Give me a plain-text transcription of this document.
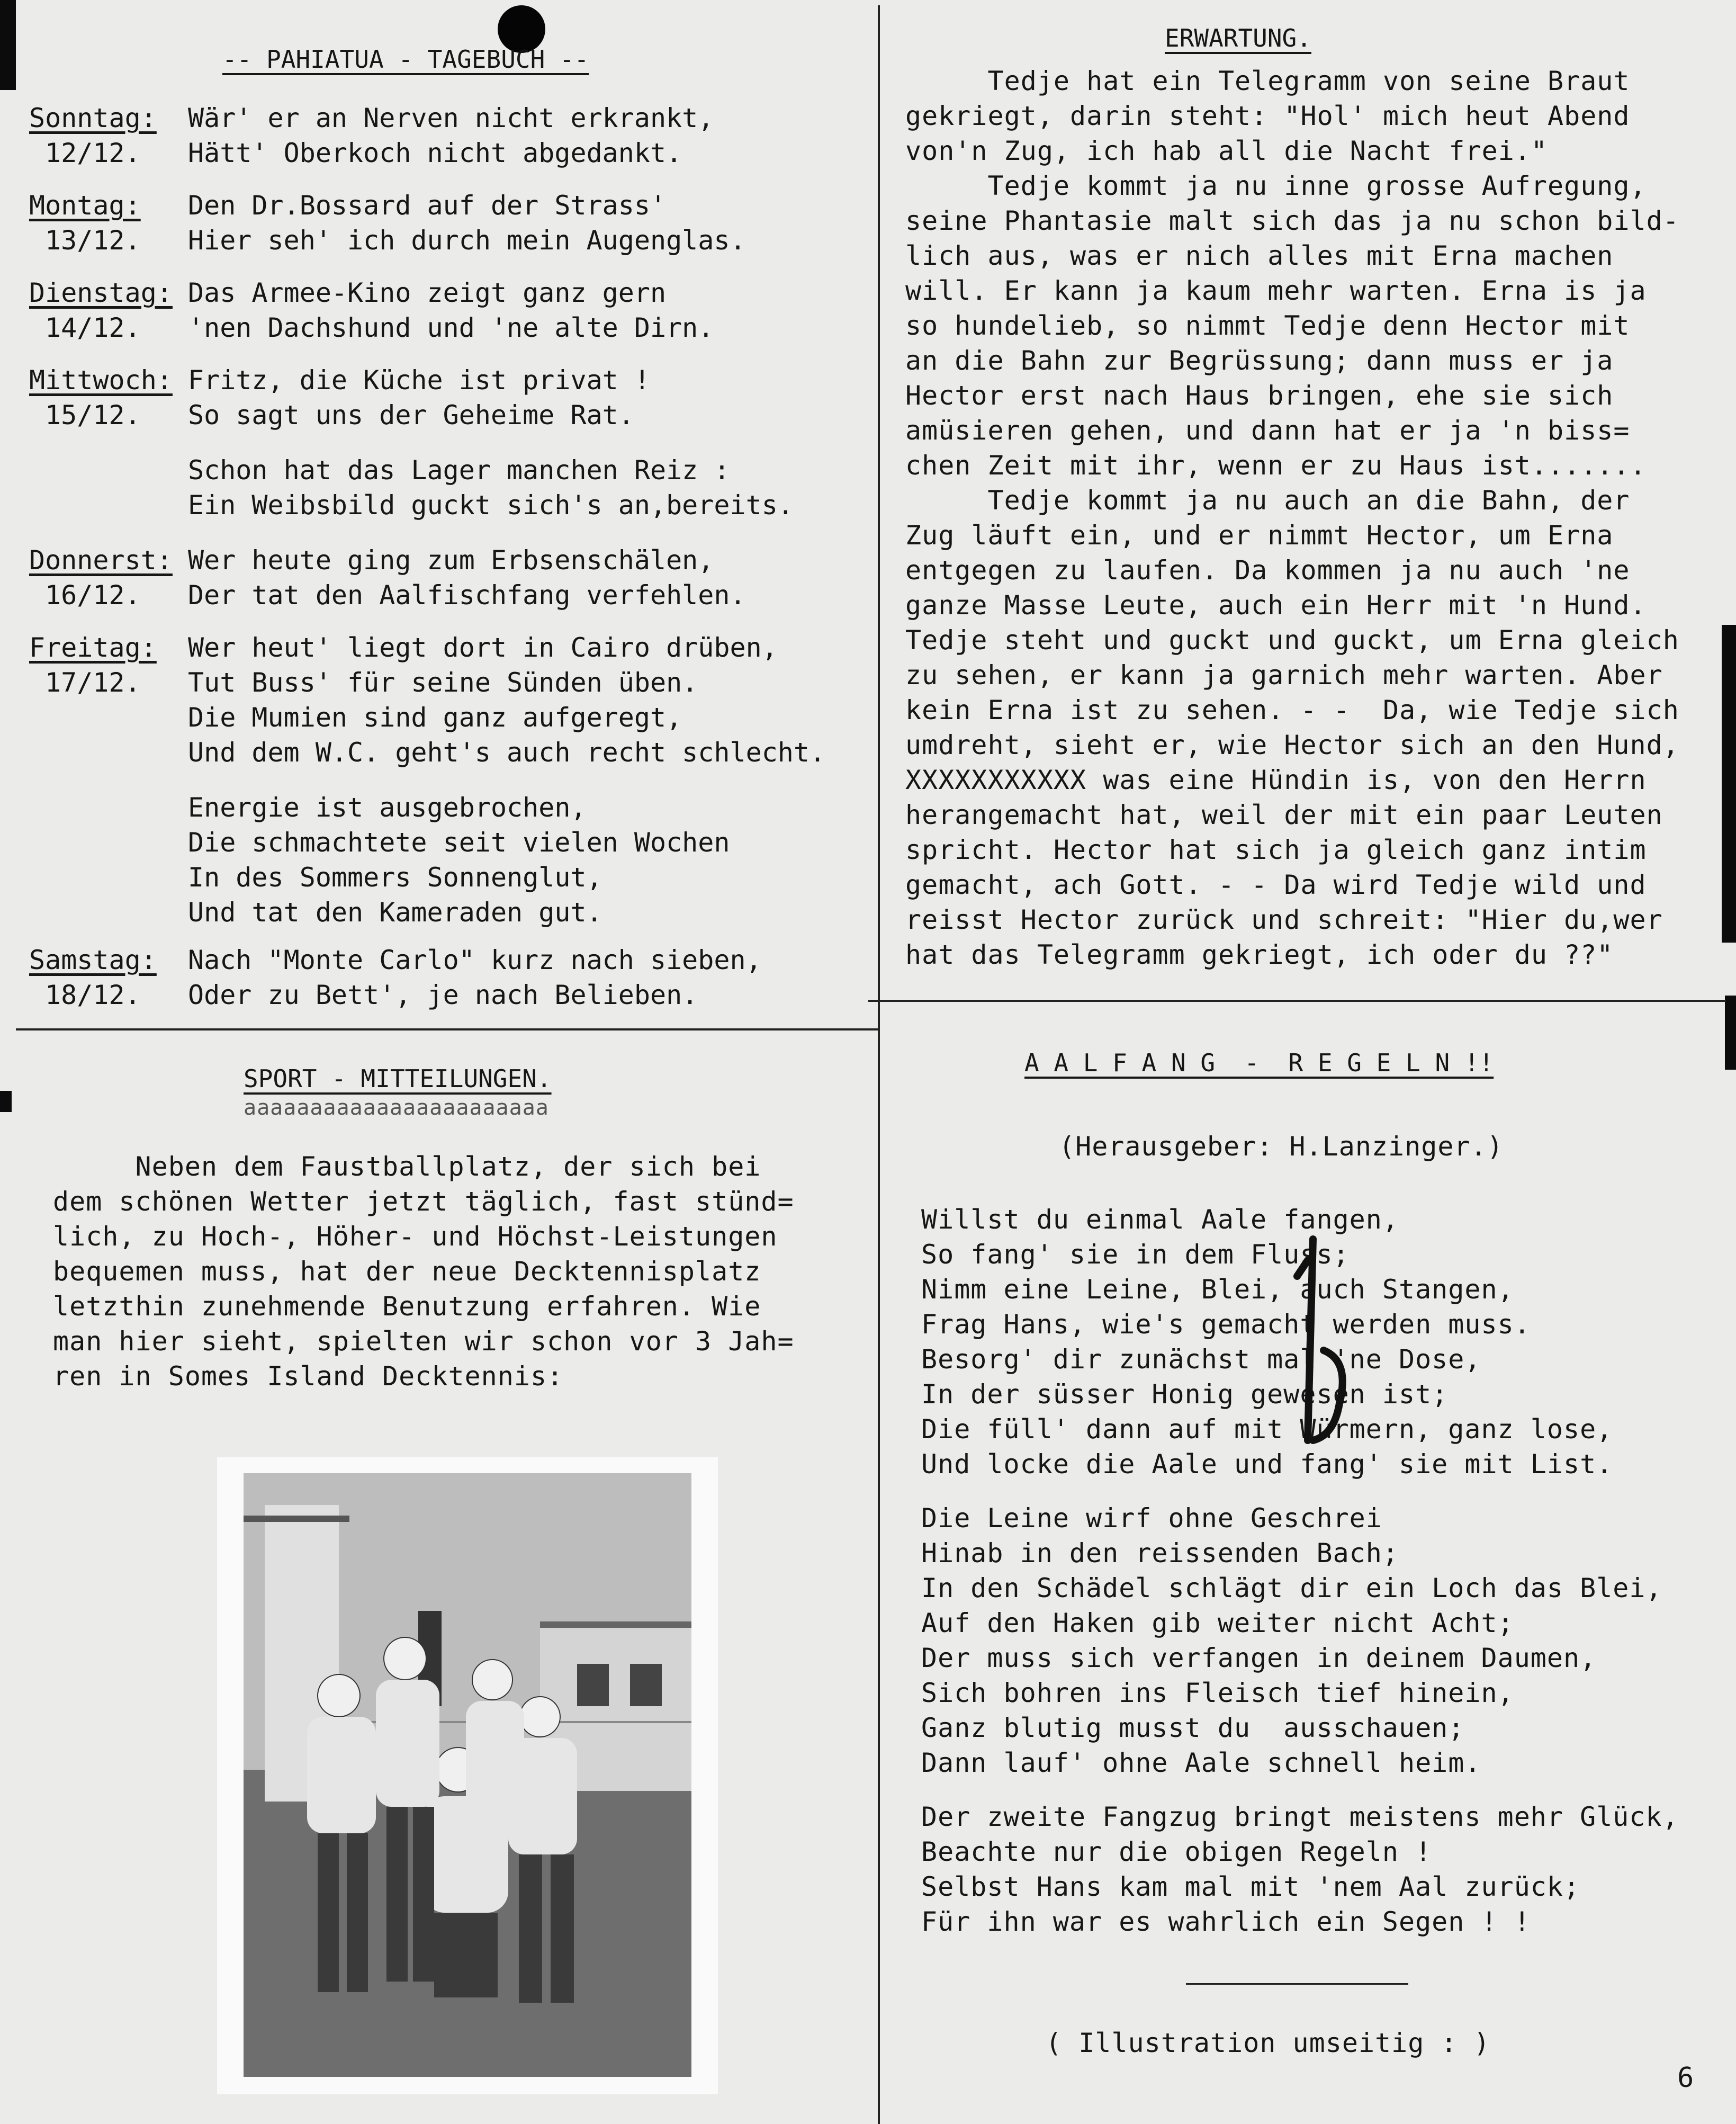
-- PAHIATUA - TAGEBUCH --
Sonntag: Wär' er an Nerven nicht erkrankt,
12/12. Hätt' Oberkoch nicht abgedankt.
Montag: Den Dr.Bossard auf der Strass'
13/12. Hier seh' ich durch mein Augenglas.
Dienstag: Das Armee-Kino zeigt ganz gern
14/12. 'nen Dachshund und 'ne alte Dirn.
Mittwoch: Fritz, die Küche ist privat !
15/12. So sagt uns der Geheime Rat.
Schon hat das Lager manchen Reiz :
Ein Weibsbild guckt sich's an,bereits.
Donnerst: Wer heute ging zum Erbsenschälen,
16/12. Der tat den Aalfischfang verfehlen.
Freitag: Wer heut' liegt dort in Cairo drüben,
17/12. Tut Buss' für seine Sünden üben.
Die Mumien sind ganz aufgeregt,
Und dem W.C. geht's auch recht schlecht.
Energie ist ausgebrochen,
Die schmachtete seit vielen Wochen
In des Sommers Sonnenglut,
Und tat den Kameraden gut.
Samstag: Nach "Monte Carlo" kurz nach sieben,
18/12. Oder zu Bett', je nach Belieben.
ERWARTUNG.
Tedje hat ein Telegramm von seine Braut
gekriegt, darin steht: "Hol' mich heut Abend
von'n Zug, ich hab all die Nacht frei."
Tedje kommt ja nu inne grosse Aufregung,
seine Phantasie malt sich das ja nu schon bild-
lich aus, was er nich alles mit Erna machen
will. Er kann ja kaum mehr warten. Erna is ja
so hundelieb, so nimmt Tedje denn Hector mit
an die Bahn zur Begrüssung; dann muss er ja
Hector erst nach Haus bringen, ehe sie sich
amüsieren gehen, und dann hat er ja 'n biss=
chen Zeit mit ihr, wenn er zu Haus ist.......
Tedje kommt ja nu auch an die Bahn, der
Zug läuft ein, und er nimmt Hector, um Erna
entgegen zu laufen. Da kommen ja nu auch 'ne
ganze Masse Leute, auch ein Herr mit 'n Hund.
Tedje steht und guckt und guckt, um Erna gleich
zu sehen, er kann ja garnich mehr warten. Aber
kein Erna ist zu sehen. - -  Da, wie Tedje sich
umdreht, sieht er, wie Hector sich an den Hund,
XXXXXXXXXXX was eine Hündin is, von den Herrn
herangemacht hat, weil der mit ein paar Leuten
spricht. Hector hat sich ja gleich ganz intim
gemacht, ach Gott. - - Da wird Tedje wild und
reisst Hector zurück und schreit: "Hier du,wer
hat das Telegramm gekriegt, ich oder du ??"
SPORT - MITTEILUNGEN.
aaaaaaaaaaaaaaaaaaaaaaa
Neben dem Faustballplatz, der sich bei
dem schönen Wetter jetzt täglich, fast stünd=
lich, zu Hoch-, Höher- und Höchst-Leistungen
bequemen muss, hat der neue Decktennisplatz
letzthin zunehmende Benutzung erfahren. Wie
man hier sieht, spielten wir schon vor 3 Jah=
ren in Somes Island Decktennis:
A A L F A N G  -  R E G E L N !!
(Herausgeber: H.Lanzinger.)
Willst du einmal Aale fangen,
So fang' sie in dem Fluss;
Nimm eine Leine, Blei, auch Stangen,
Frag Hans, wie's gemacht werden muss.
Besorg' dir zunächst mal 'ne Dose,
In der süsser Honig gewesen ist;
Die füll' dann auf mit Würmern, ganz lose,
Und locke die Aale und fang' sie mit List.
Die Leine wirf ohne Geschrei
Hinab in den reissenden Bach;
In den Schädel schlägt dir ein Loch das Blei,
Auf den Haken gib weiter nicht Acht;
Der muss sich verfangen in deinem Daumen,
Sich bohren ins Fleisch tief hinein,
Ganz blutig musst du  ausschauen;
Dann lauf' ohne Aale schnell heim.
Der zweite Fangzug bringt meistens mehr Glück,
Beachte nur die obigen Regeln !
Selbst Hans kam mal mit 'nem Aal zurück;
Für ihn war es wahrlich ein Segen ! !
( Illustration umseitig : )
6
